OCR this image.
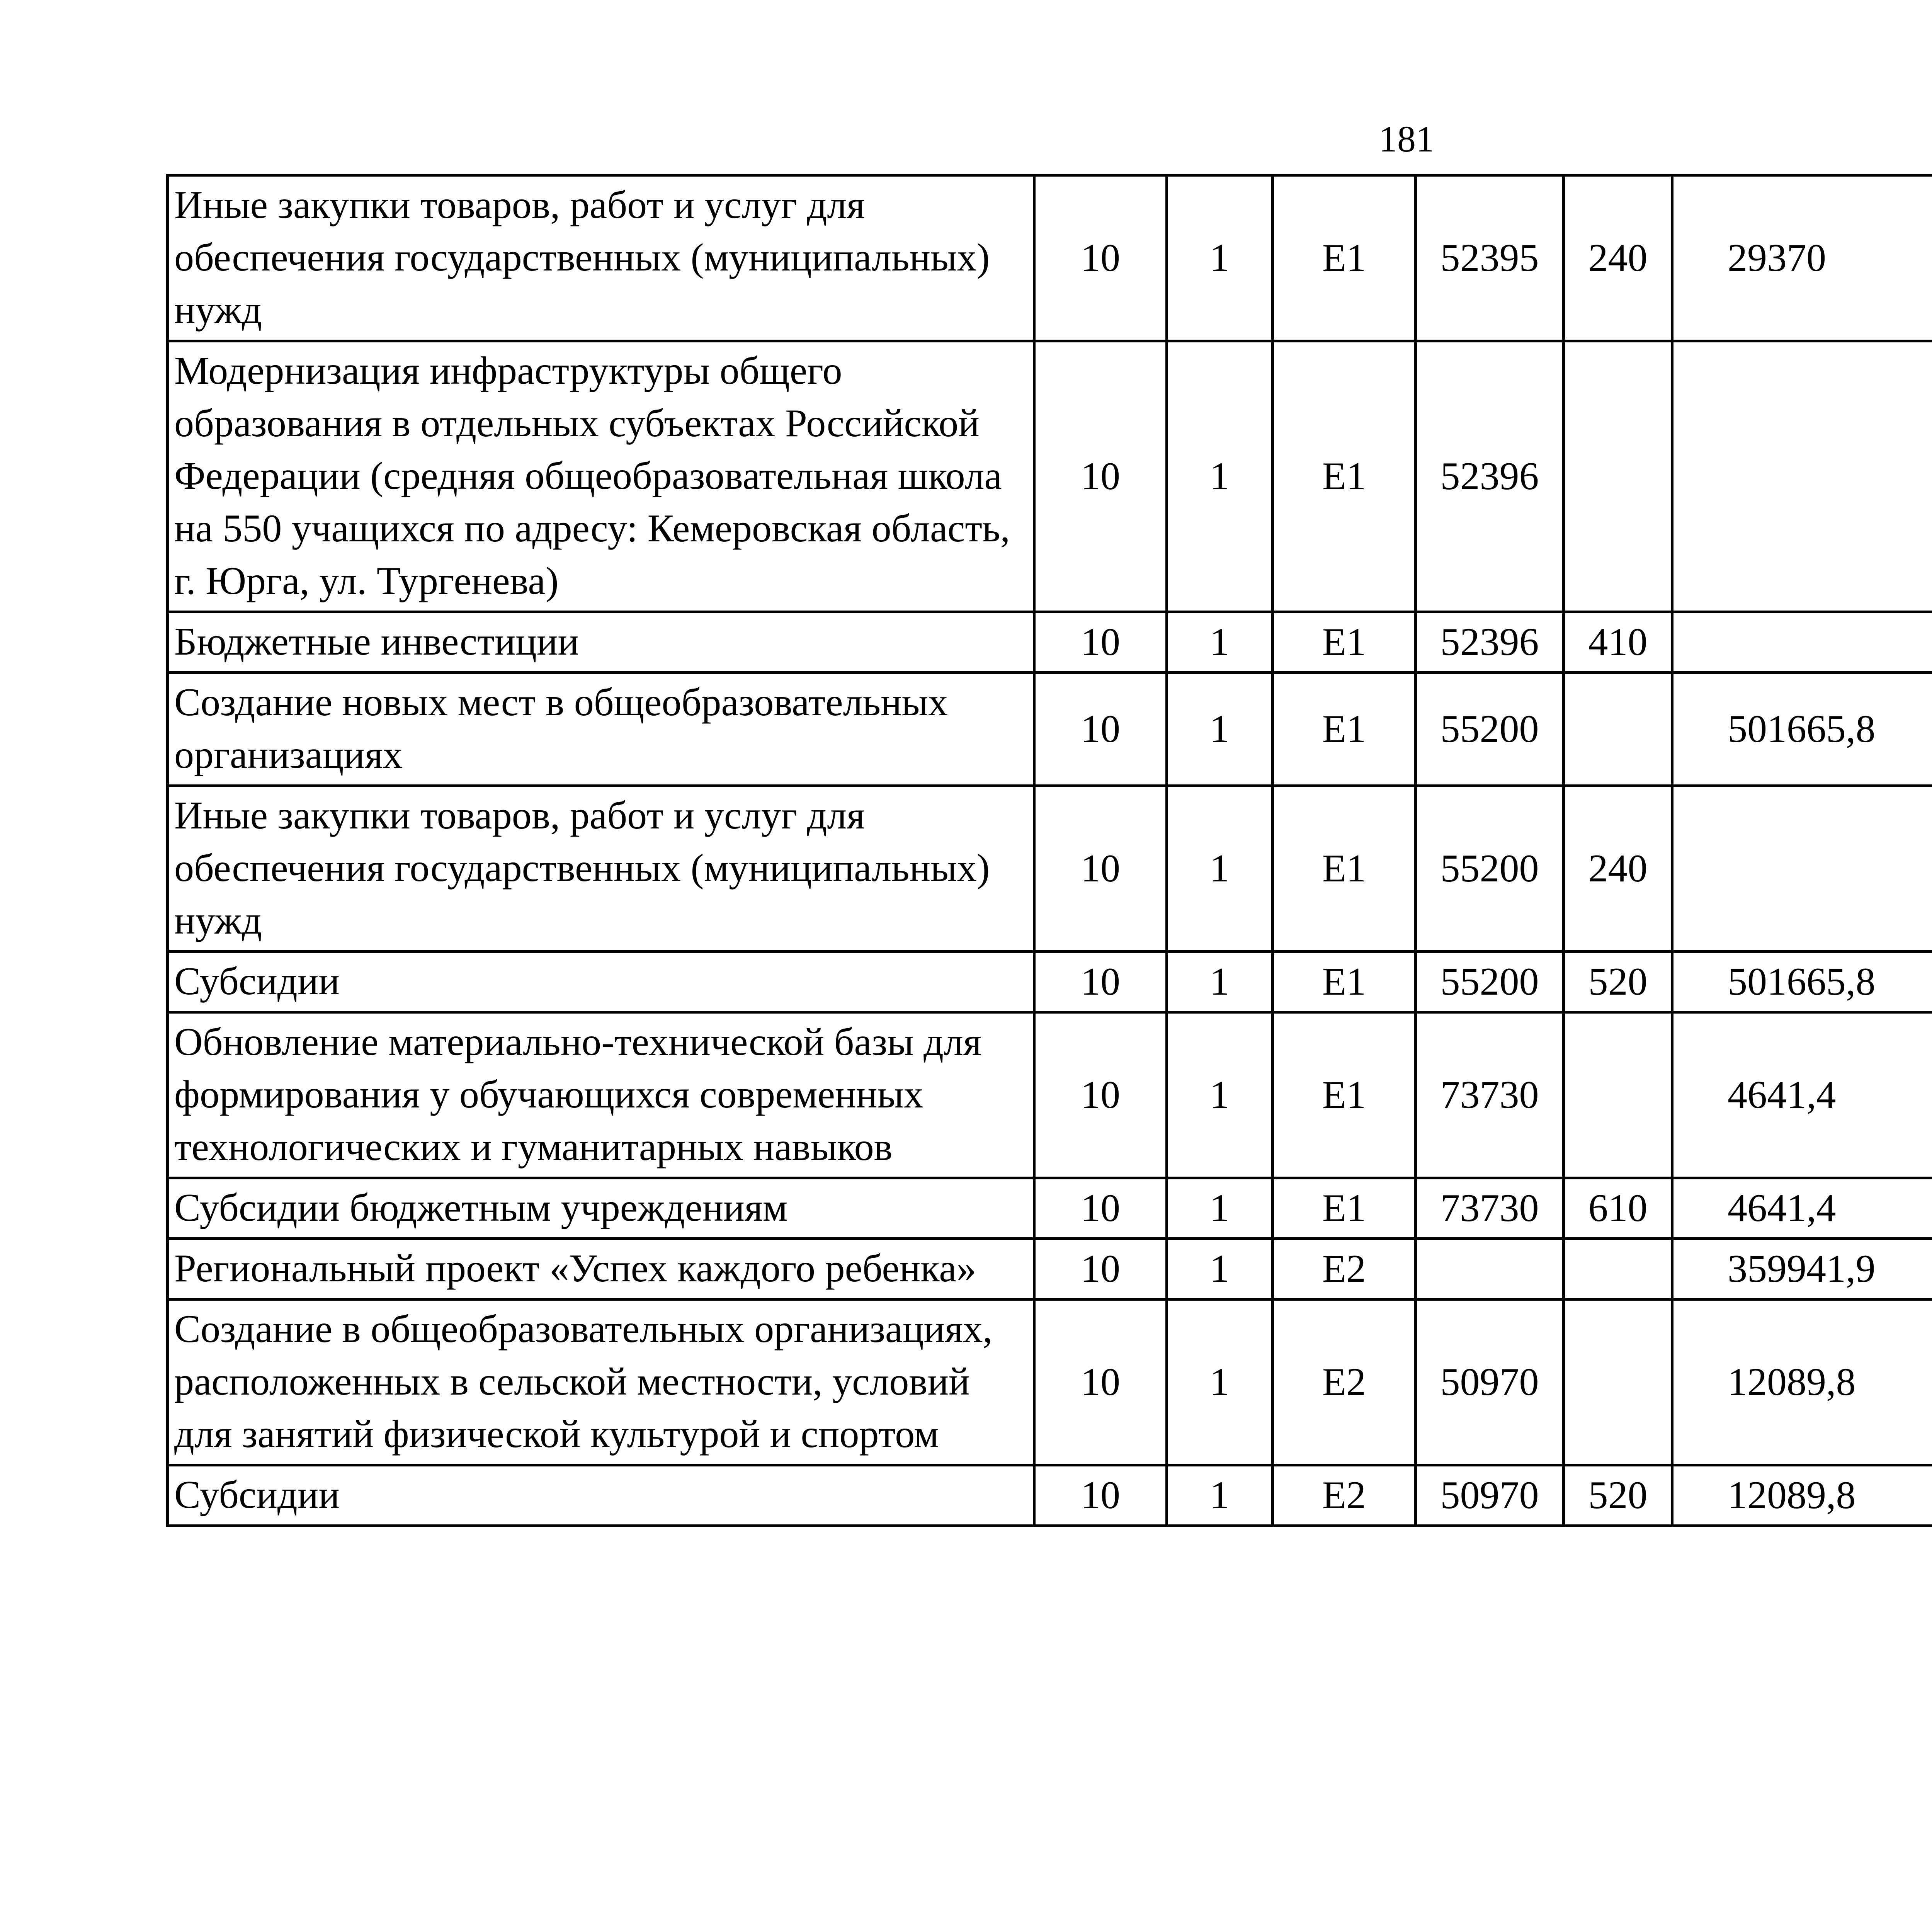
181
Иные закупки товаров, работ и услуг для обеспечения государственных (муниципальных) нужд	10	1	E1	52395	240	29370		
Модернизация инфраструктуры общего образования в отдельных субъектах Российской Федерации (средняя общеобразовательная школа на 550 учащихся по адресу: Кемеровская область, г. Юрга, ул. Тургенева)	10	1	E1	52396				
Бюджетные инвестиции	10	1	E1	52396	410			
Создание новых мест в общеобразовательных организациях	10	1	E1	55200		501665,8		
Иные закупки товаров, работ и услуг для обеспечения государственных (муниципальных) нужд	10	1	E1	55200	240			
Субсидии	10	1	E1	55200	520	501665,8		
Обновление материально-технической базы для формирования у обучающихся современных технологических и гуманитарных навыков	10	1	E1	73730		4641,4		
Субсидии бюджетным учреждениям	10	1	E1	73730	610	4641,4		
Региональный проект «Успех каждого ребенка»	10	1	E2			359941,9		
Создание в общеобразовательных организациях, расположенных в сельской местности, условий для занятий физической культурой и спортом	10	1	E2	50970		12089,8		
Субсидии	10	1	E2	50970	520	12089,8		
